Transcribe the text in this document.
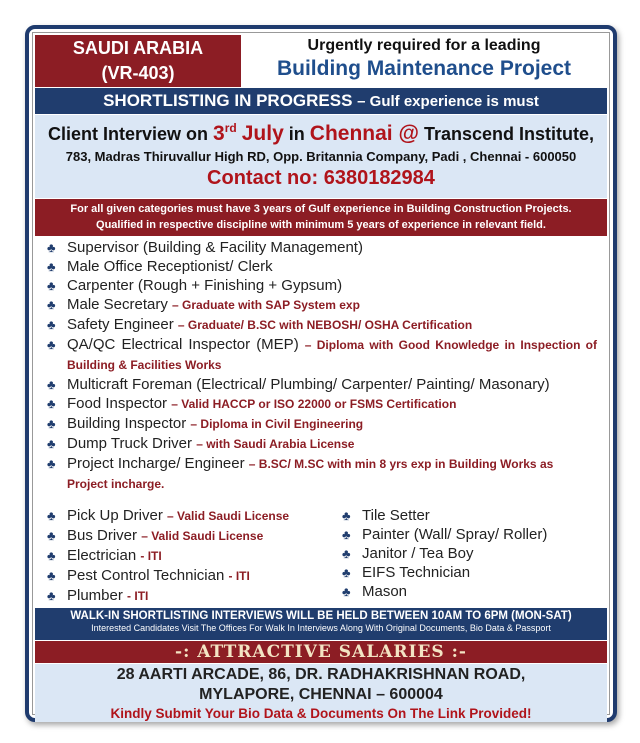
SAUDI ARABIA
(VR-403)
Urgently required for a leading
Building Maintenance Project
SHORTLISTING IN PROGRESS – Gulf experience is must
Client Interview on 3rd July in Chennai @ Transcend Institute,
783, Madras Thiruvallur High RD, Opp. Britannia Company, Padi , Chennai - 600050
Contact no: 6380182984
For all given categories must have 3 years of Gulf experience in Building Construction Projects.
Qualified in respective discipline with minimum 5 years of experience in relevant field.
♣ Supervisor (Building & Facility Management)
♣ Male Office Receptionist/ Clerk
♣ Carpenter (Rough + Finishing + Gypsum)
♣ Male Secretary – Graduate with SAP System exp
♣ Safety Engineer – Graduate/ B.SC with NEBOSH/ OSHA Certification
♣ QA/QC Electrical Inspector (MEP) – Diploma with Good Knowledge in Inspection of Building & Facilities Works
♣ Multicraft Foreman (Electrical/ Plumbing/ Carpenter/ Painting/ Masonary)
♣ Food Inspector – Valid HACCP or ISO 22000 or FSMS Certification
♣ Building Inspector – Diploma in Civil Engineering
♣ Dump Truck Driver – with Saudi Arabia License
♣ Project Incharge/ Engineer – B.SC/ M.SC with min 8 yrs exp in Building Works as Project incharge.
♣ Pick Up Driver – Valid Saudi License
♣ Bus Driver – Valid Saudi License
♣ Electrician - ITI
♣ Pest Control Technician - ITI
♣ Plumber - ITI
♣ Tile Setter
♣ Painter (Wall/ Spray/ Roller)
♣ Janitor / Tea Boy
♣ EIFS Technician
♣ Mason
WALK-IN SHORTLISTING INTERVIEWS WILL BE HELD BETWEEN 10AM TO 6PM (MON-SAT)
Interested Candidates Visit The Offices For Walk In Interviews Along With Original Documents, Bio Data & Passport
-: ATTRACTIVE SALARIES :-
28 AARTI ARCADE, 86, DR. RADHAKRISHNAN ROAD,
MYLAPORE, CHENNAI – 600004
Kindly Submit Your Bio Data & Documents On The Link Provided!
